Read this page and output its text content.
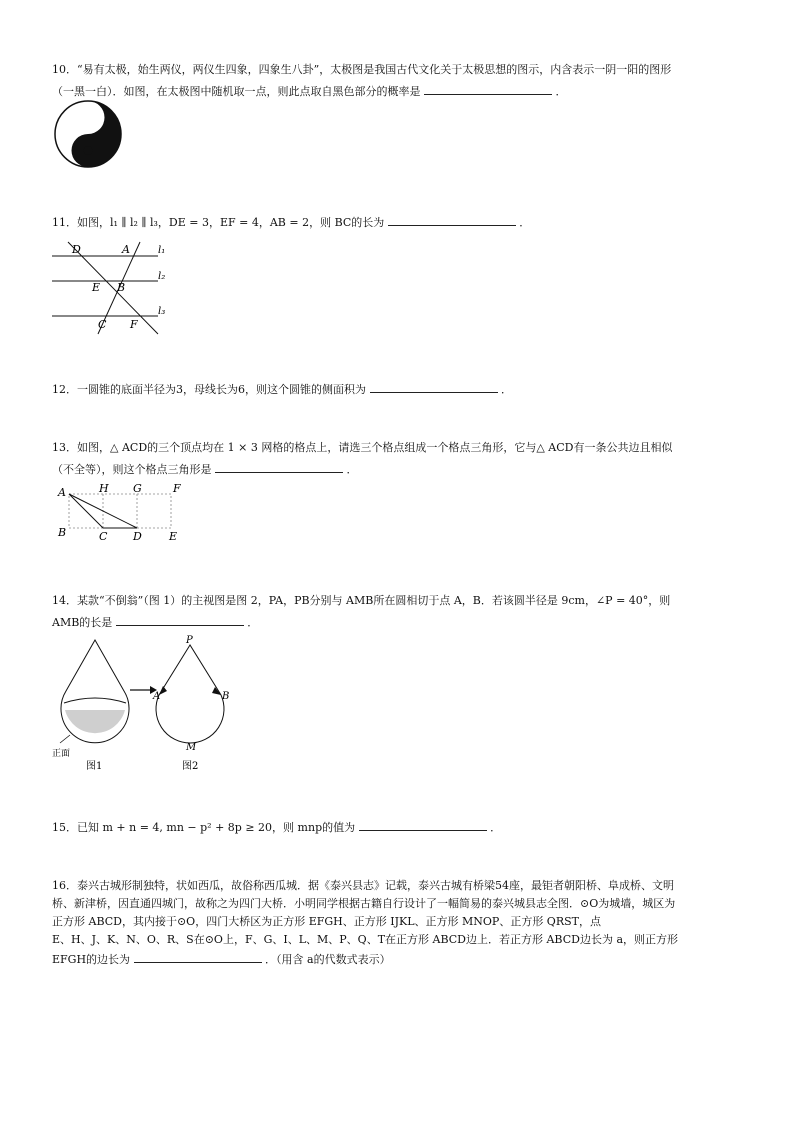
10．“易有太极，始生两仪，两仪生四象，四象生八卦”，太极图是我国古代文化关于太极思想的图示，内含表示一阴一阳的图形
（一黑一白）．如图，在太极图中随机取一点，则此点取自黑色部分的概率是	．
11．如图，l₁ ∥ l₂ ∥ l₃，DE = 3，EF = 4，AB = 2，则 BC的长为	．
D	A	l₁
l₂
E B
l₃
C F
12．一圆锥的底面半径为3，母线长为6，则这个圆锥的侧面积为	．
13．如图，△ ACD的三个顶点均在 1 × 3 网格的格点上，请选三个格点组成一个格点三角形，它与△ ACD有一条公共边且相似
（不全等），则这个格点三角形是	．
A	H G	F
B	C D E
14．某款“不倒翁”（图 1）的主视图是图 2，PA，PB分别与 AMB所在圆相切于点 A，B．若该圆半径是 9cm，∠P = 40°，则
AMB的长是	．
正面
图1
P
A	B
M
图2
15．已知 m + n = 4, mn − p² + 8p ≥ 20，则 mnp的值为	．
16．泰兴古城形制独特，状如西瓜，故俗称西瓜城．据《泰兴县志》记载，泰兴古城有桥梁54座，最钜者朝阳桥、阜成桥、文明
桥、新津桥，因直通四城门，故称之为四门大桥．小明同学根据古籍自行设计了一幅简易的泰兴城县志全图．⊙O为城墙，城区为
正方形 ABCD，其内接于⊙O，四门大桥区为正方形 EFGH、正方形 IJKL、正方形 MNOP、正方形 QRST，点
E、H、J、K、N、O、R、S在⊙O上，F、G、I、L、M、P、Q、T在正方形 ABCD边上．若正方形 ABCD边长为 a，则正方形
EFGH的边长为	．（用含 a的代数式表示）
